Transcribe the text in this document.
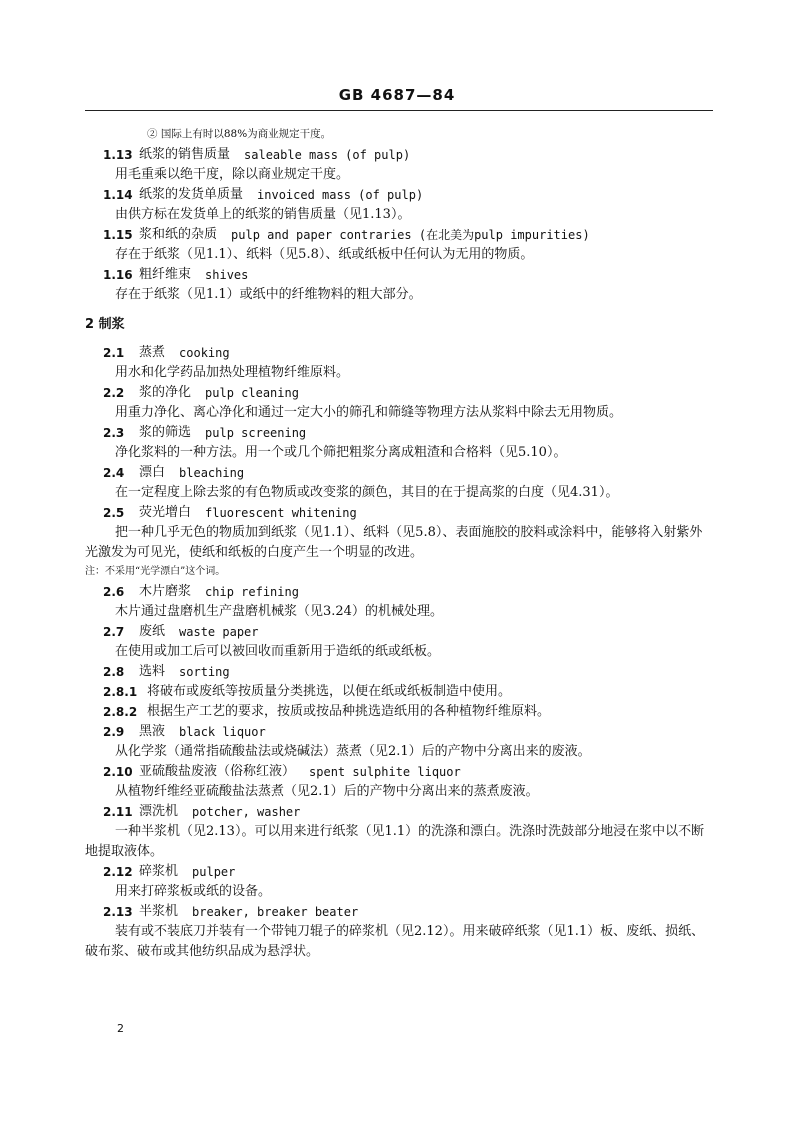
GB 4687—84
② 国际上有时以88%为商业规定干度。
1.13 纸浆的销售质量 saleable mass (of pulp)
用毛重乘以绝干度，除以商业规定干度。
1.14 纸浆的发货单质量 invoiced mass (of pulp)
由供方标在发货单上的纸浆的销售质量（见1.13）。
1.15 浆和纸的杂质 pulp and paper contraries (在北美为pulp impurities)
存在于纸浆（见1.1）、纸料（见5.8）、纸或纸板中任何认为无用的物质。
1.16 粗纤维束 shives
存在于纸浆（见1.1）或纸中的纤维物料的粗大部分。
2 制浆
2.1	蒸煮 cooking
用水和化学药品加热处理植物纤维原料。
2.2	浆的净化 pulp cleaning
用重力净化、离心净化和通过一定大小的筛孔和筛缝等物理方法从浆料中除去无用物质。
2.3	浆的筛选 pulp screening
净化浆料的一种方法。用一个或几个筛把粗浆分离成粗渣和合格料（见5.10）。
2.4	漂白 bleaching
在一定程度上除去浆的有色物质或改变浆的颜色，其目的在于提高浆的白度（见4.31）。
2.5	荧光增白 fluorescent whitening
把一种几乎无色的物质加到纸浆（见1.1）、纸料（见5.8）、表面施胶的胶料或涂料中，能够将入射紫外光激发为可见光，使纸和纸板的白度产生一个明显的改进。
注：不采用“光学漂白”这个词。
2.6	木片磨浆 chip refining
木片通过盘磨机生产盘磨机械浆（见3.24）的机械处理。
2.7	废纸 waste paper
在使用或加工后可以被回收而重新用于造纸的纸或纸板。
2.8	选料 sorting
2.8.1 将破布或废纸等按质量分类挑选，以便在纸或纸板制造中使用。
2.8.2 根据生产工艺的要求，按质或按品种挑选造纸用的各种植物纤维原料。
2.9	黑液 black liquor
从化学浆（通常指硫酸盐法或烧碱法）蒸煮（见2.1）后的产物中分离出来的废液。
2.10 亚硫酸盐废液（俗称红液） spent sulphite liquor
从植物纤维经亚硫酸盐法蒸煮（见2.1）后的产物中分离出来的蒸煮废液。
2.11 漂洗机 potcher, washer
一种半浆机（见2.13）。可以用来进行纸浆（见1.1）的洗涤和漂白。洗涤时洗鼓部分地浸在浆中以不断地提取液体。
2.12 碎浆机 pulper
用来打碎浆板或纸的设备。
2.13 半浆机 breaker, breaker beater
装有或不装底刀并装有一个带钝刀辊子的碎浆机（见2.12）。用来破碎纸浆（见1.1）板、废纸、损纸、破布浆、破布或其他纺织品成为悬浮状。
2
